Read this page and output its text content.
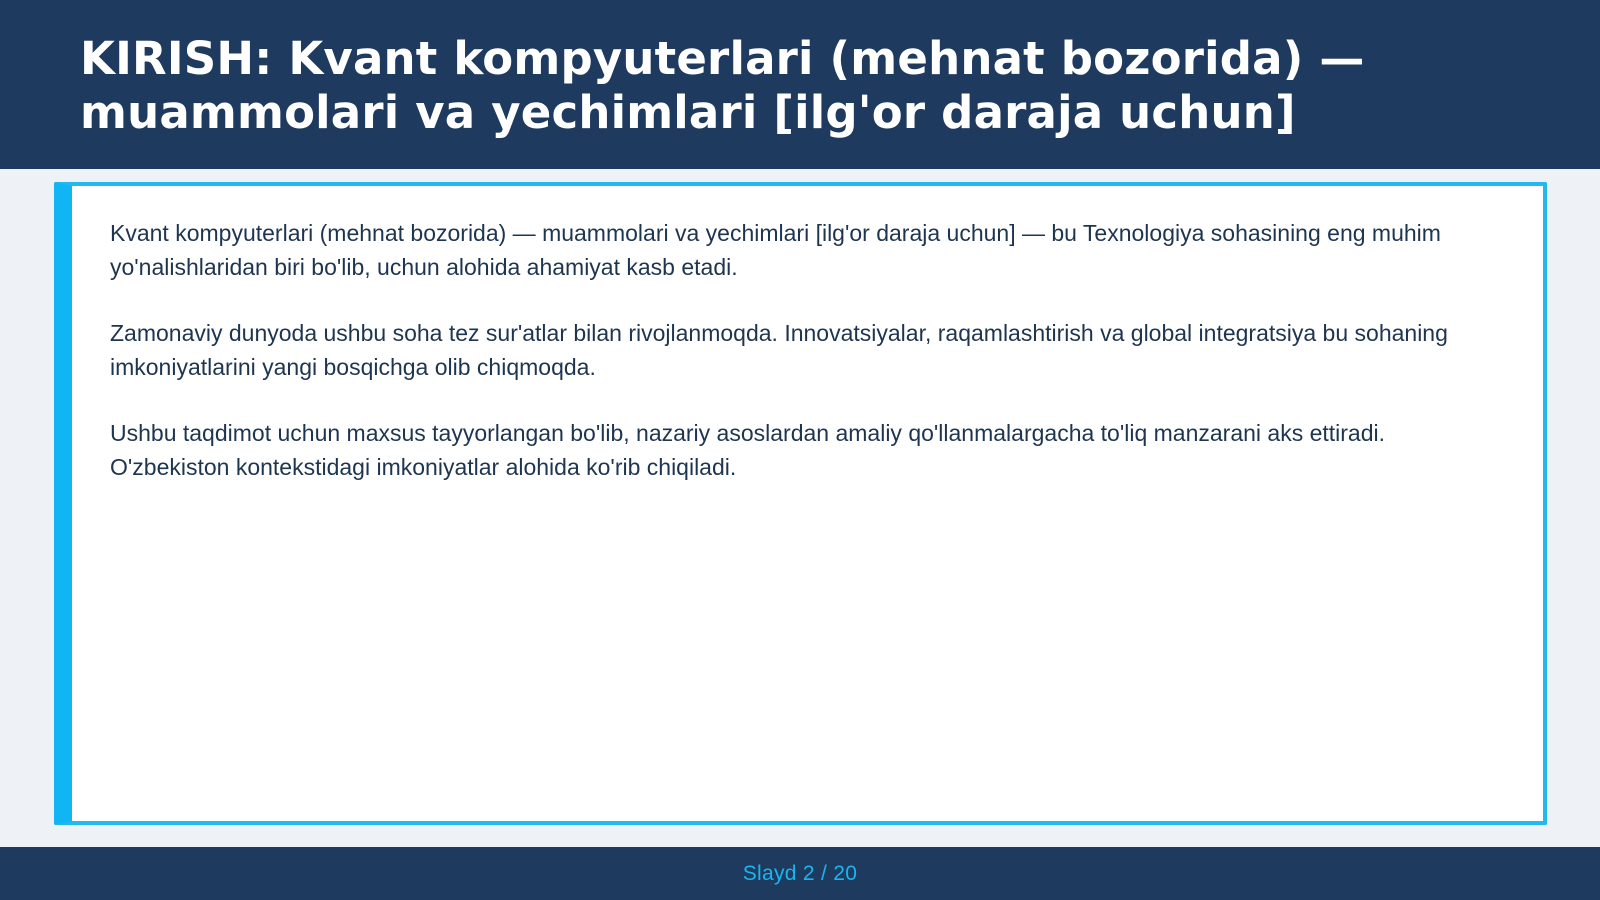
KIRISH: Kvant kompyuterlari (mehnat bozorida) — muammolari va yechimlari [ilg'or daraja uchun]

Kvant kompyuterlari (mehnat bozorida) — muammolari va yechimlari [ilg'or daraja uchun] — bu Texnologiya sohasining eng muhim yo'nalishlaridan biri bo'lib, uchun alohida ahamiyat kasb etadi.

Zamonaviy dunyoda ushbu soha tez sur'atlar bilan rivojlanmoqda. Innovatsiyalar, raqamlashtirish va global integratsiya bu sohaning imkoniyatlarini yangi bosqichga olib chiqmoqda.

Ushbu taqdimot uchun maxsus tayyorlangan bo'lib, nazariy asoslardan amaliy qo'llanmalargacha to'liq manzarani aks ettiradi. O'zbekiston kontekstidagi imkoniyatlar alohida ko'rib chiqiladi.

Slayd 2 / 20
